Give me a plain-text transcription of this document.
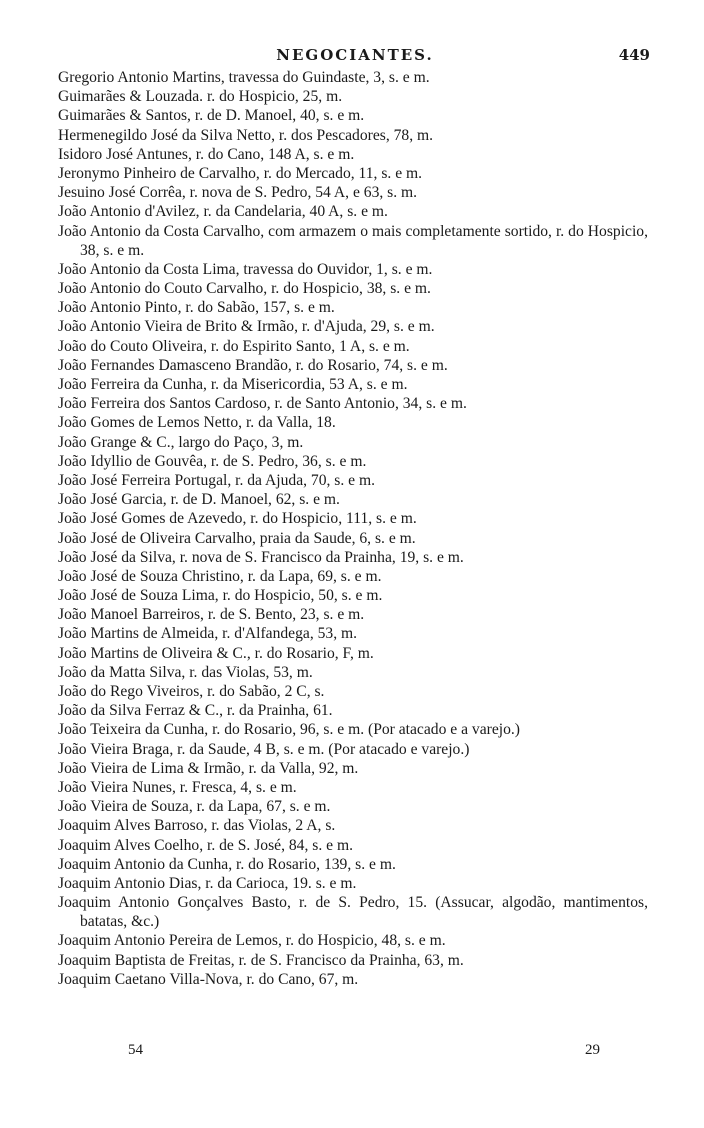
NEGOCIANTES.	449
Gregorio Antonio Martins, travessa do Guindaste, 3, s. e m.
Guimarães & Louzada. r. do Hospicio, 25, m.
Guimarães & Santos, r. de D. Manoel, 40, s. e m.
Hermenegildo José da Silva Netto, r. dos Pescadores, 78, m.
Isidoro José Antunes, r. do Cano, 148 A, s. e m.
Jeronymo Pinheiro de Carvalho, r. do Mercado, 11, s. e m.
Jesuino José Corrêa, r. nova de S. Pedro, 54 A, e 63, s. m.
João Antonio d'Avilez, r. da Candelaria, 40 A, s. e m.
João Antonio da Costa Carvalho, com armazem o mais completamente sortido, r. do Hospicio, 38, s. e m.
João Antonio da Costa Lima, travessa do Ouvidor, 1, s. e m.
João Antonio do Couto Carvalho, r. do Hospicio, 38, s. e m.
João Antonio Pinto, r. do Sabão, 157, s. e m.
João Antonio Vieira de Brito & Irmão, r. d'Ajuda, 29, s. e m.
João do Couto Oliveira, r. do Espirito Santo, 1 A, s. e m.
João Fernandes Damasceno Brandão, r. do Rosario, 74, s. e m.
João Ferreira da Cunha, r. da Misericordia, 53 A, s. e m.
João Ferreira dos Santos Cardoso, r. de Santo Antonio, 34, s. e m.
João Gomes de Lemos Netto, r. da Valla, 18.
João Grange & C., largo do Paço, 3, m.
João Idyllio de Gouvêa, r. de S. Pedro, 36, s. e m.
João José Ferreira Portugal, r. da Ajuda, 70, s. e m.
João José Garcia, r. de D. Manoel, 62, s. e m.
João José Gomes de Azevedo, r. do Hospicio, 111, s. e m.
João José de Oliveira Carvalho, praia da Saude, 6, s. e m.
João José da Silva, r. nova de S. Francisco da Prainha, 19, s. e m.
João José de Souza Christino, r. da Lapa, 69, s. e m.
João José de Souza Lima, r. do Hospicio, 50, s. e m.
João Manoel Barreiros, r. de S. Bento, 23, s. e m.
João Martins de Almeida, r. d'Alfandega, 53, m.
João Martins de Oliveira & C., r. do Rosario, F, m.
João da Matta Silva, r. das Violas, 53, m.
João do Rego Viveiros, r. do Sabão, 2 C, s.
João da Silva Ferraz & C., r. da Prainha, 61.
João Teixeira da Cunha, r. do Rosario, 96, s. e m. (Por atacado e a varejo.)
João Vieira Braga, r. da Saude, 4 B, s. e m. (Por atacado e varejo.)
João Vieira de Lima & Irmão, r. da Valla, 92, m.
João Vieira Nunes, r. Fresca, 4, s. e m.
João Vieira de Souza, r. da Lapa, 67, s. e m.
Joaquim Alves Barroso, r. das Violas, 2 A, s.
Joaquim Alves Coelho, r. de S. José, 84, s. e m.
Joaquim Antonio da Cunha, r. do Rosario, 139, s. e m.
Joaquim Antonio Dias, r. da Carioca, 19. s. e m.
Joaquim Antonio Gonçalves Basto, r. de S. Pedro, 15. (Assucar, algodão, mantimentos, batatas, &c.)
Joaquim Antonio Pereira de Lemos, r. do Hospicio, 48, s. e m.
Joaquim Baptista de Freitas, r. de S. Francisco da Prainha, 63, m.
Joaquim Caetano Villa-Nova, r. do Cano, 67, m.
54	29
